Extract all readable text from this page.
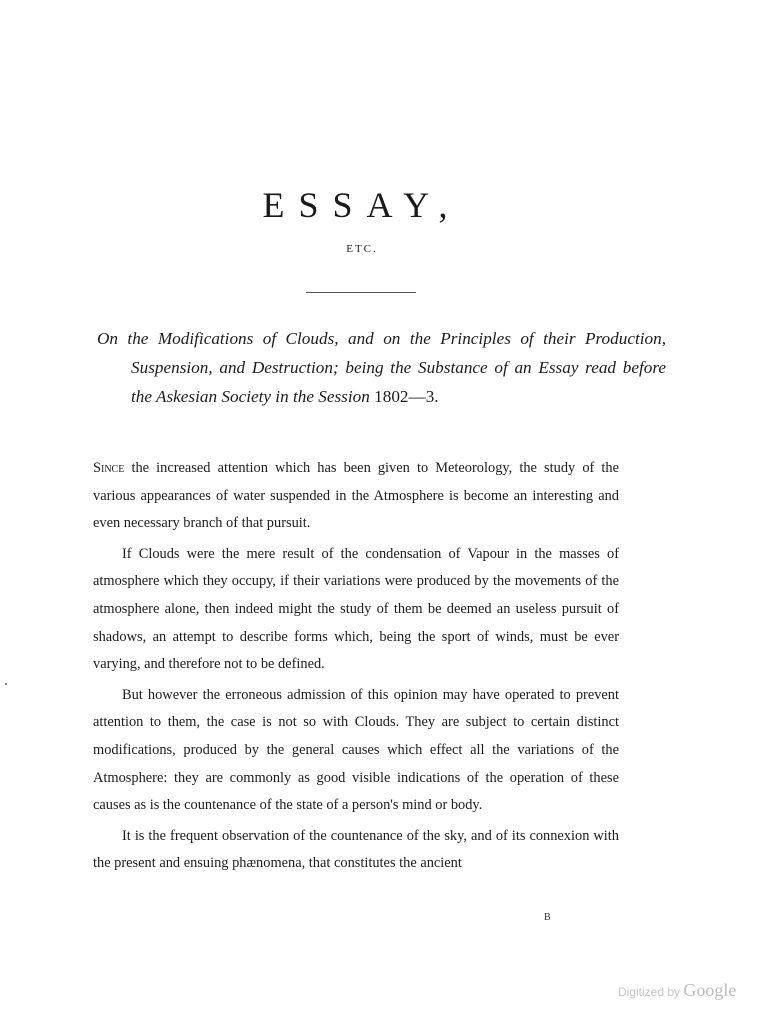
ESSAY,
ETC.
On the Modifications of Clouds, and on the Principles of their Production, Suspension, and Destruction; being the Substance of an Essay read before the Askesian Society in the Session 1802—3.

Since the increased attention which has been given to Meteorology, the study of the various appearances of water suspended in the Atmosphere is become an interesting and even necessary branch of that pursuit.

If Clouds were the mere result of the condensation of Vapour in the masses of atmosphere which they occupy, if their variations were produced by the movements of the atmosphere alone, then indeed might the study of them be deemed an useless pursuit of shadows, an attempt to describe forms which, being the sport of winds, must be ever varying, and therefore not to be defined.

But however the erroneous admission of this opinion may have operated to prevent attention to them, the case is not so with Clouds. They are subject to certain distinct modifications, produced by the general causes which effect all the variations of the Atmosphere: they are commonly as good visible indications of the operation of these causes as is the countenance of the state of a person's mind or body.

It is the frequent observation of the countenance of the sky, and of its connexion with the present and ensuing phænomena, that constitutes the ancient

B
Digitized by Google
